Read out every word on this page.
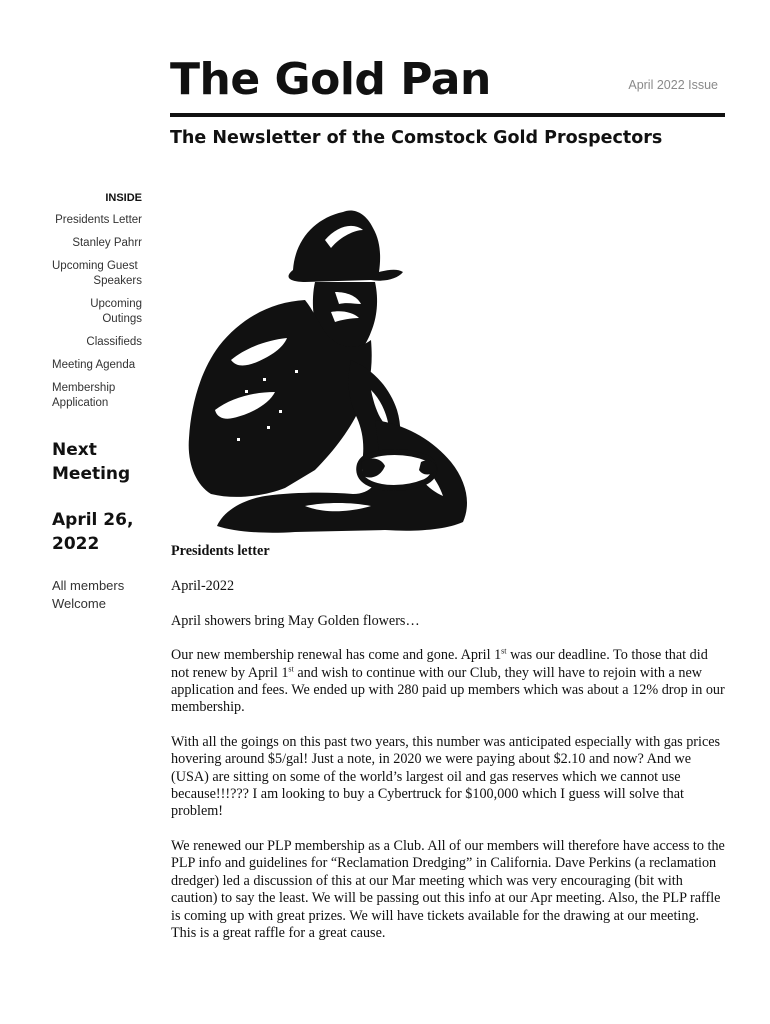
The Gold Pan	April 2022 Issue
The Newsletter of the Comstock Gold Prospectors
INSIDE
Presidents Letter
Stanley Pahrr
Upcoming Guest
Speakers
Upcoming
Outings
Classifieds
Meeting Agenda
Membership
Application
Next
Meeting
April 26,
2022
All members
Welcome
Presidents letter

April-2022

April showers bring May Golden flowers…

Our new membership renewal has come and gone. April 1st was our deadline. To those that did not renew by April 1st and wish to continue with our Club, they will have to rejoin with a new application and fees. We ended up with 280 paid up members which was about a 12% drop in our membership.

With all the goings on this past two years, this number was anticipated especially with gas prices hovering around $5/gal! Just a note, in 2020 we were paying about $2.10 and now? And we (USA) are sitting on some of the world’s largest oil and gas reserves which we cannot use because!!!??? I am looking to buy a Cybertruck for $100,000 which I guess will solve that problem!

We renewed our PLP membership as a Club. All of our members will therefore have access to the PLP info and guidelines for “Reclamation Dredging” in California. Dave Perkins (a reclamation dredger) led a discussion of this at our Mar meeting which was very encouraging (bit with caution) to say the least. We will be passing out this info at our Apr meeting. Also, the PLP raffle is coming up with great prizes. We will have tickets available for the drawing at our meeting. This is a great raffle for a great cause.
